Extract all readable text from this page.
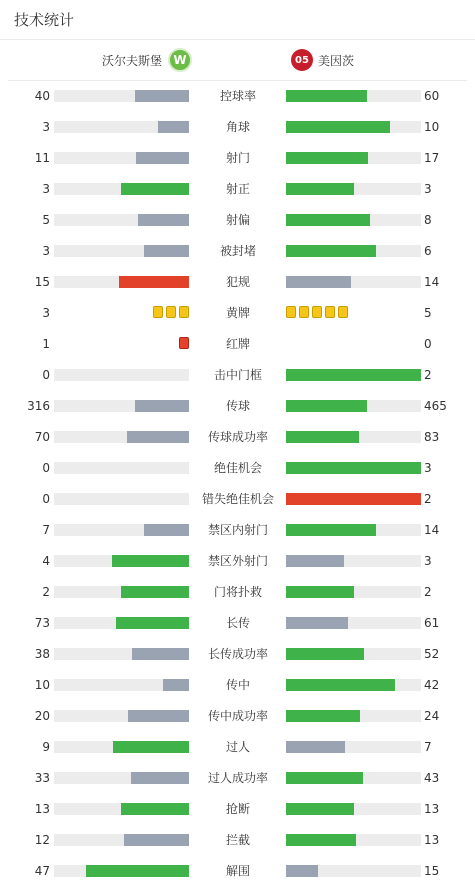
技术统计
沃尔夫斯堡 W	05 美因茨
40	控球率	60
3	角球	10
11	射门	17
3	射正	3
5	射偏	8
3	被封堵	6
15	犯规	14
3	黄牌	5
1	红牌	0
0	击中门框	2
316	传球	465
70	传球成功率	83
0	绝佳机会	3
0	错失绝佳机会	2
7	禁区内射门	14
4	禁区外射门	3
2	门将扑救	2
73	长传	61
38	长传成功率	52
10	传中	42
20	传中成功率	24
9	过人	7
33	过人成功率	43
13	抢断	13
12	拦截	13
47	解围	15
